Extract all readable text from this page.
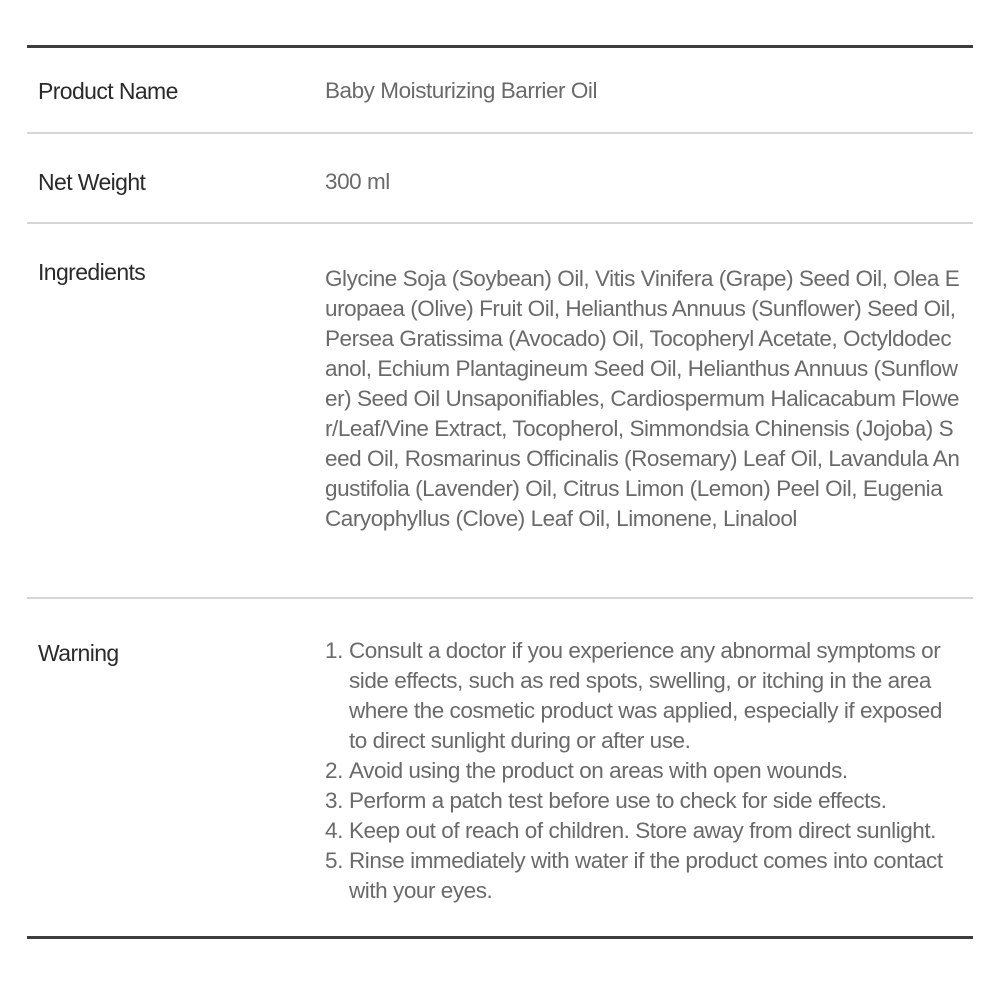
Product Name	Baby Moisturizing Barrier Oil
Net Weight	300 ml
Ingredients	Glycine Soja (Soybean) Oil, Vitis Vinifera (Grape) Seed Oil, Olea Europaea (Olive) Fruit Oil, Helianthus Annuus (Sunflower) Seed Oil, Persea Gratissima (Avocado) Oil, Tocopheryl Acetate, Octyldodecanol, Echium Plantagineum Seed Oil, Helianthus Annuus (Sunflower) Seed Oil Unsaponifiables, Cardiospermum Halicacabum Flower/Leaf/Vine Extract, Tocopherol, Simmondsia Chinensis (Jojoba) Seed Oil, Rosmarinus Officinalis (Rosemary) Leaf Oil, Lavandula Angustifolia (Lavender) Oil, Citrus Limon (Lemon) Peel Oil, Eugenia Caryophyllus (Clove) Leaf Oil, Limonene, Linalool
Warning	1. Consult a doctor if you experience any abnormal symptoms or side effects, such as red spots, swelling, or itching in the area where the cosmetic product was applied, especially if exposed to direct sunlight during or after use.
2. Avoid using the product on areas with open wounds.
3. Perform a patch test before use to check for side effects.
4. Keep out of reach of children. Store away from direct sunlight.
5. Rinse immediately with water if the product comes into contact with your eyes.
